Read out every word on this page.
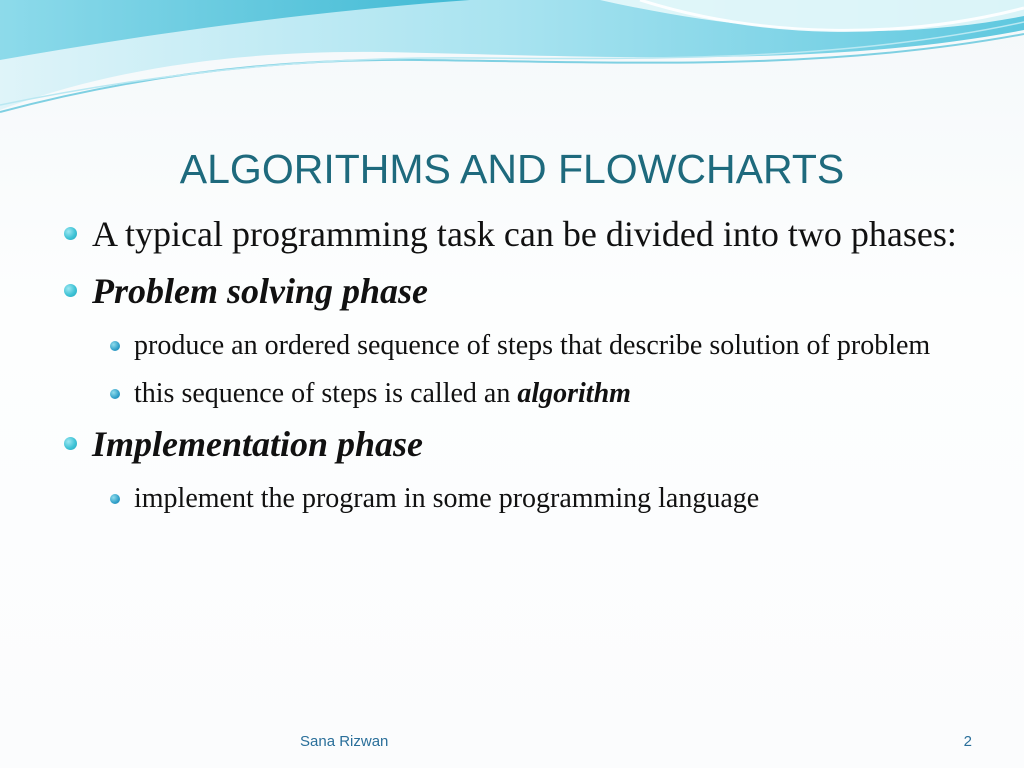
ALGORITHMS AND FLOWCHARTS
A typical programming task can be divided into two phases:
Problem solving phase
produce an ordered sequence of steps that describe solution of problem
this sequence of steps is called an algorithm
Implementation phase
implement the program in some programming language
Sana Rizwan	2
